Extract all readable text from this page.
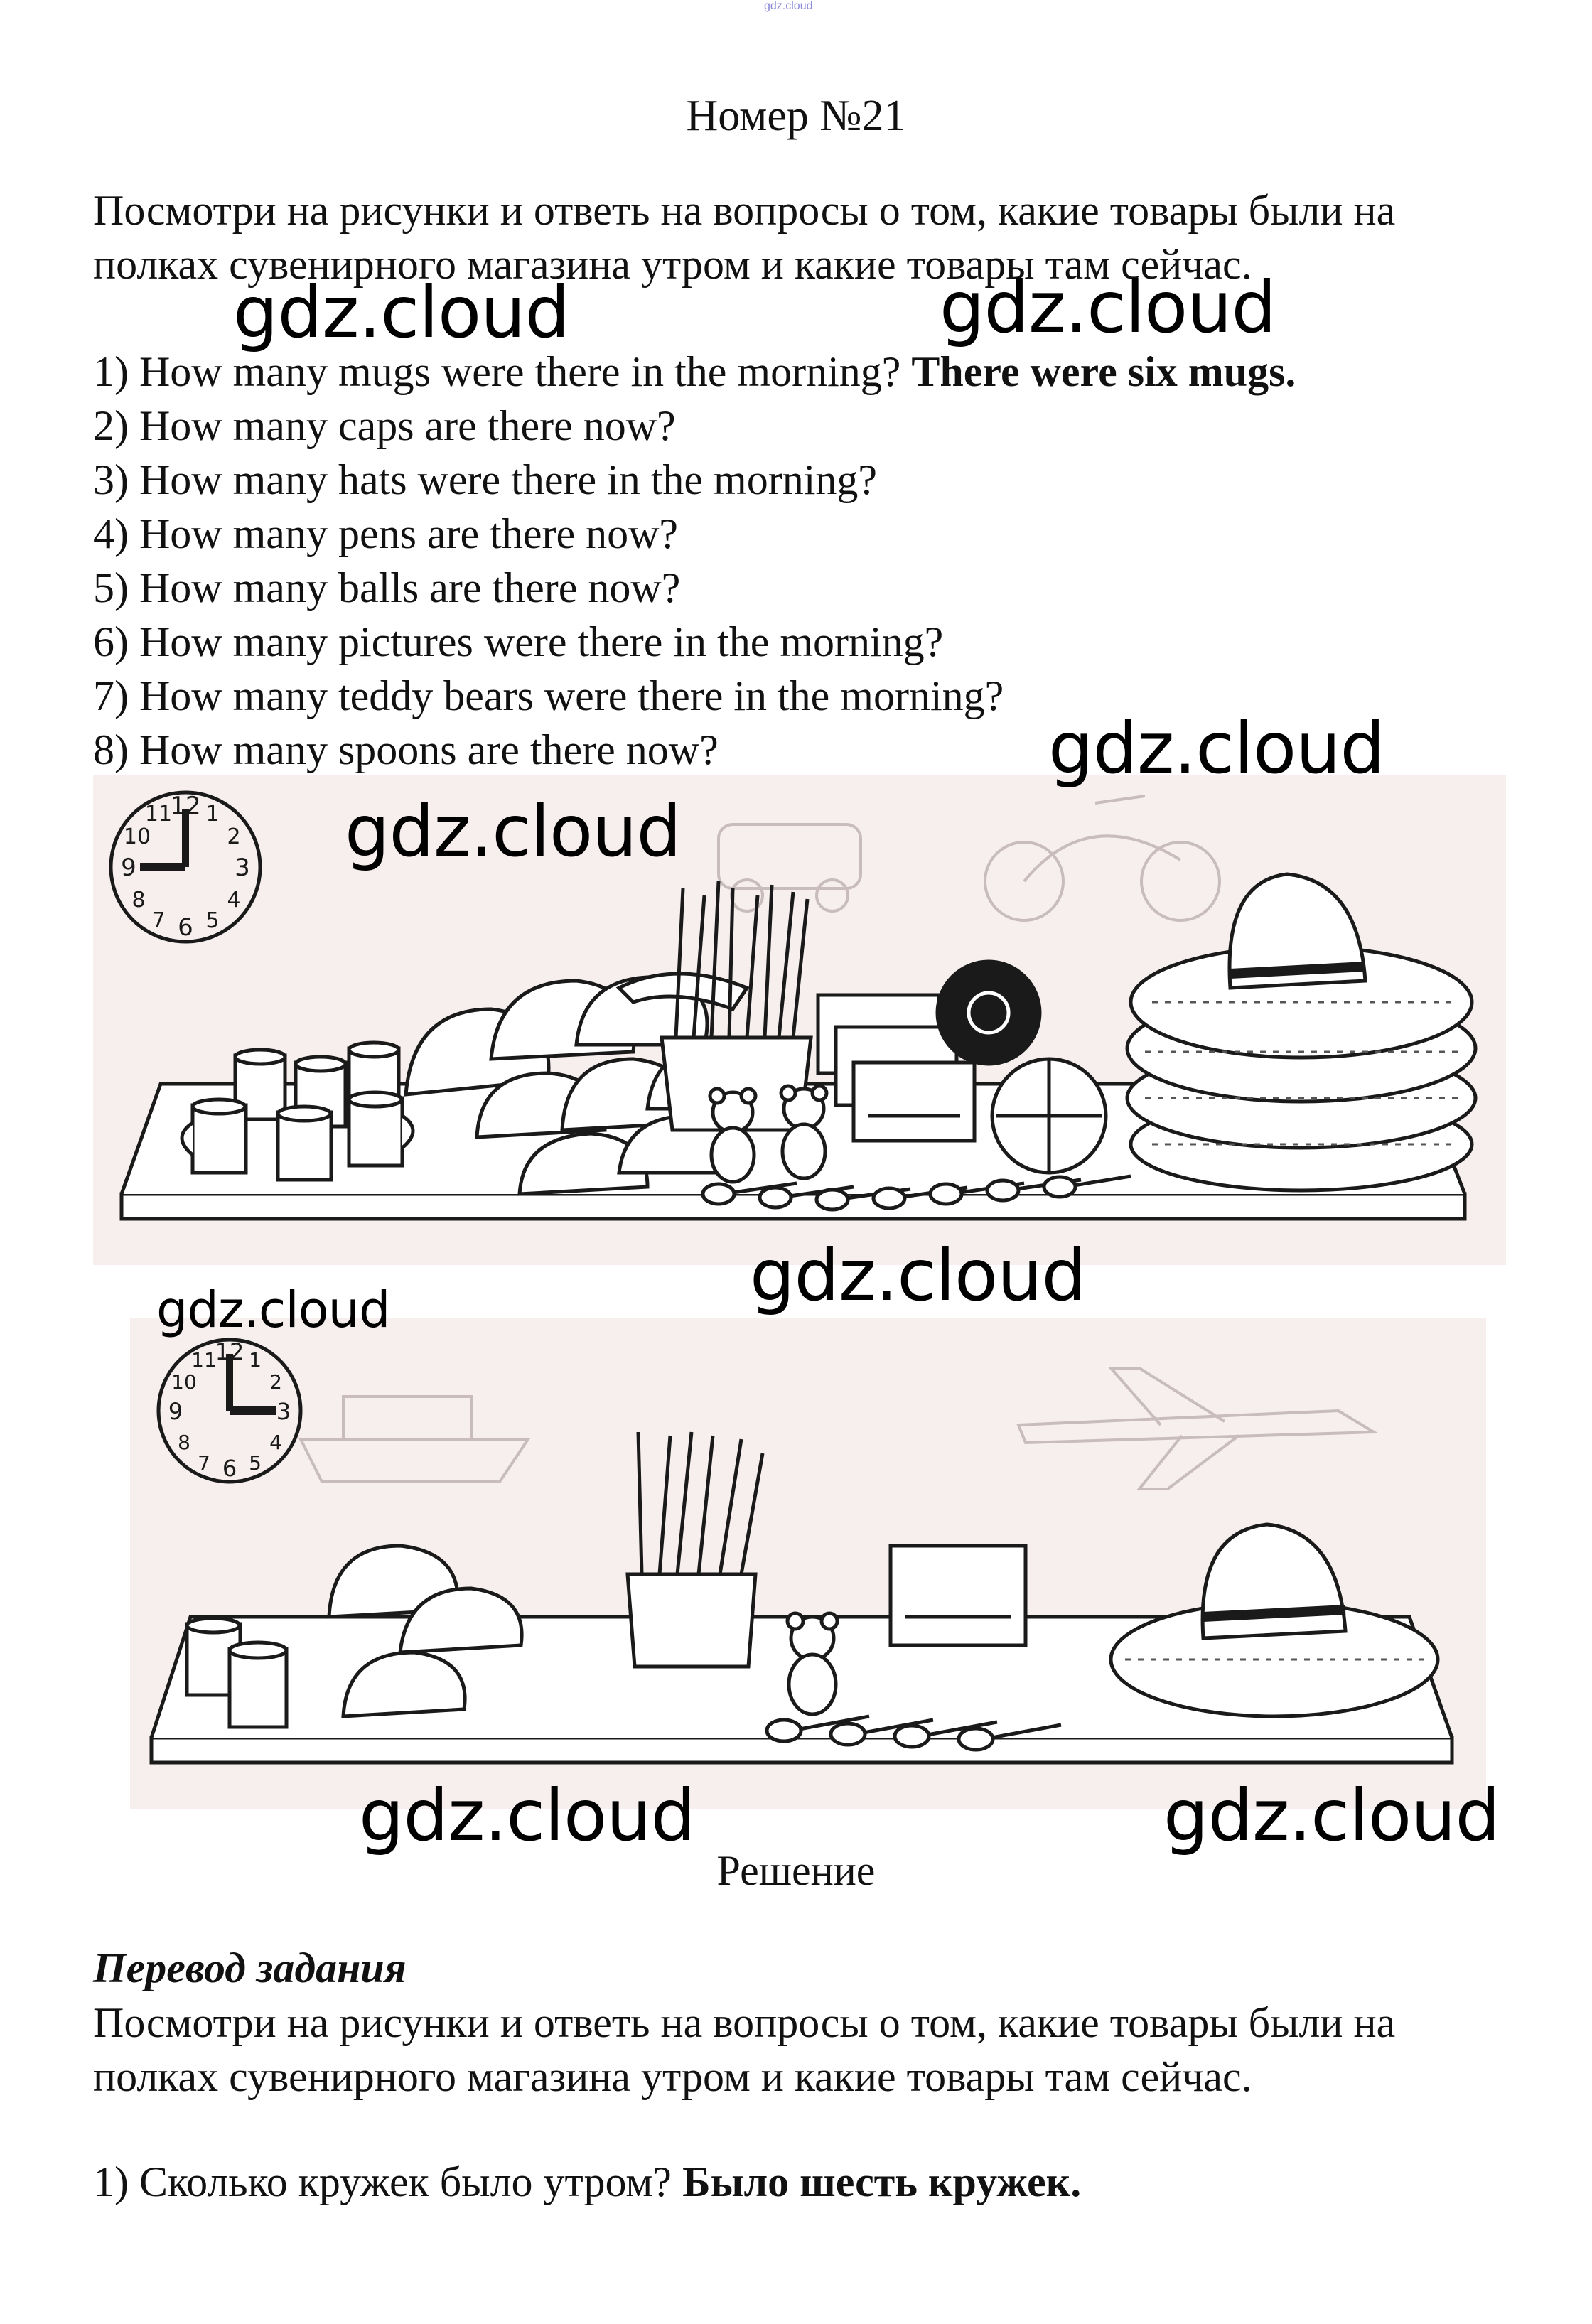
gdz.cloud
Номер №21
Посмотри на рисунки и ответь на вопросы о том, какие товары были на полках сувенирного магазина утром и какие товары там сейчас.
1) How many mugs were there in the morning? There were six mugs.
2) How many caps are there now?
3) How many hats were there in the morning?
4) How many pens are there now?
5) How many balls are there now?
6) How many pictures were there in the morning?
7) How many teddy bears were there in the morning?
8) How many spoons are there now?
12 1
2
3
4
5
6
7
8
9
10
11
12 1
2
3
4
5
6
7
8
9
10
11
gdz.cloud	gdz.cloud
gdz.cloud
gdz.cloud
gdz.cloud
gdz.cloud
gdz.cloud	gdz.cloud
Решение
Перевод задания
Посмотри на рисунки и ответь на вопросы о том, какие товары были на полках сувенирного магазина утром и какие товары там сейчас.
1) Сколько кружек было утром? Было шесть кружек.
